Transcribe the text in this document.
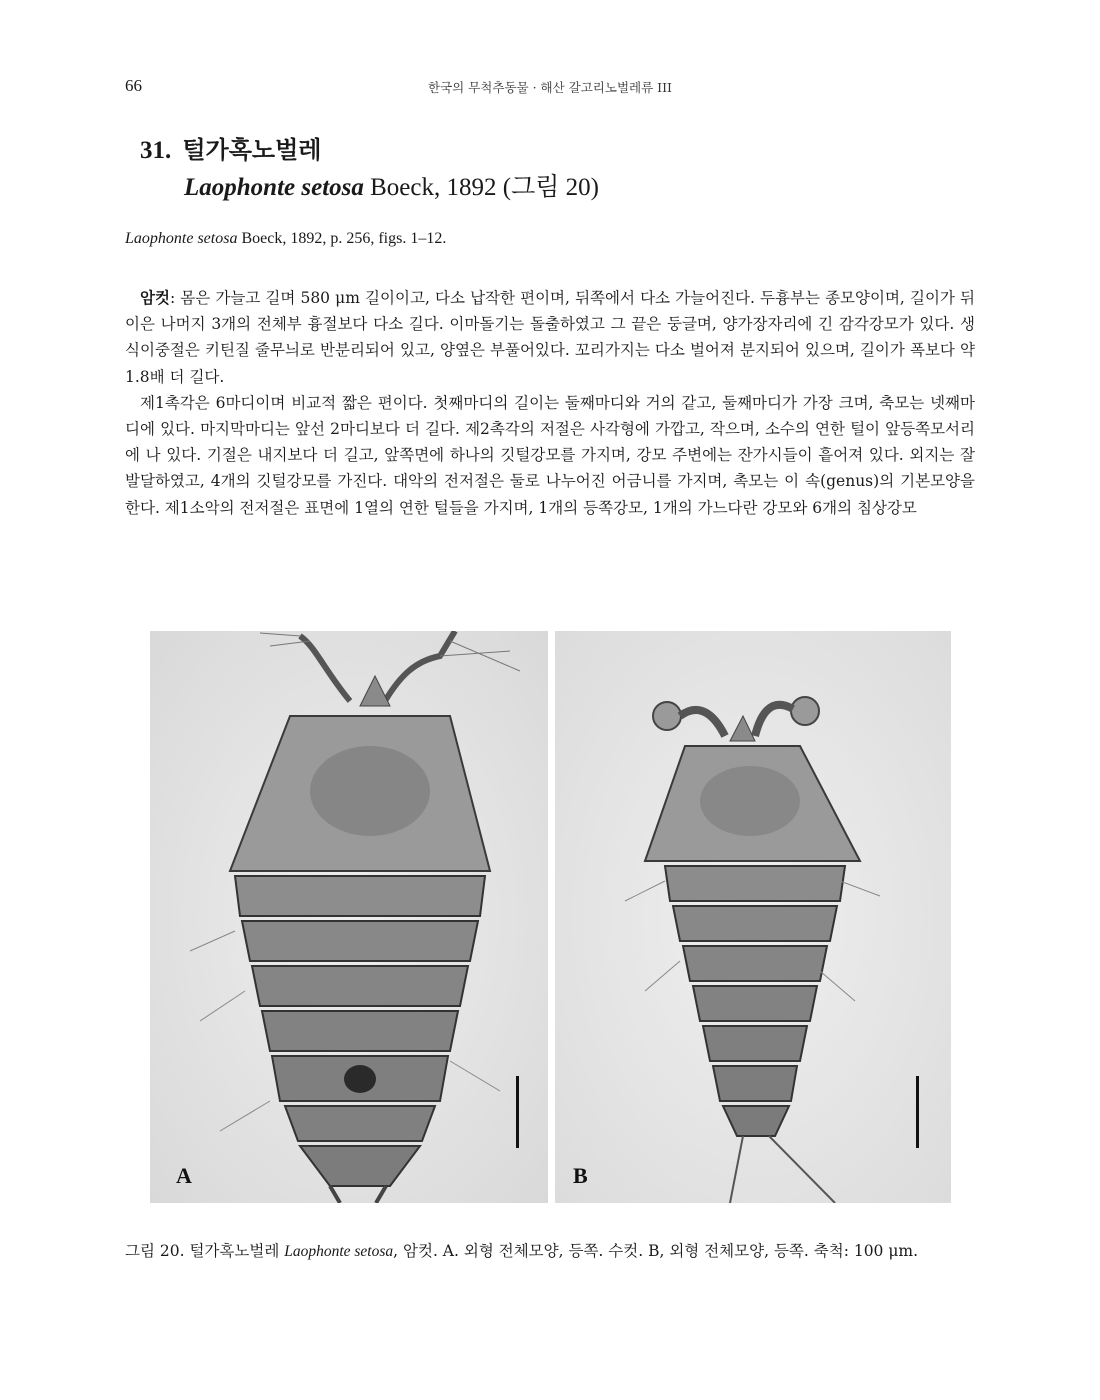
66	한국의 무척추동물 · 해산 갈고리노벌레류 III
31. 털가혹노벌레
Laophonte setosa Boeck, 1892 (그림 20)
Laophonte setosa Boeck, 1892, p. 256, figs. 1–12.

암컷: 몸은 가늘고 길며 580 μm 길이이고, 다소 납작한 편이며, 뒤쪽에서 다소 가늘어진다. 두흉부는 종모양이며, 길이가 뒤이은 나머지 3개의 전체부 흉절보다 다소 길다. 이마돌기는 돌출하였고 그 끝은 둥글며, 양가장자리에 긴 감각강모가 있다. 생식이중절은 키틴질 줄무늬로 반분리되어 있고, 양옆은 부풀어있다. 꼬리가지는 다소 벌어져 분지되어 있으며, 길이가 폭보다 약 1.8배 더 길다.

제1촉각은 6마디이며 비교적 짧은 편이다. 첫째마디의 길이는 둘째마디와 거의 같고, 둘째마디가 가장 크며, 축모는 넷째마디에 있다. 마지막마디는 앞선 2마디보다 더 길다. 제2촉각의 저절은 사각형에 가깝고, 작으며, 소수의 연한 털이 앞등쪽모서리에 나 있다. 기절은 내지보다 더 길고, 앞쪽면에 하나의 깃털강모를 가지며, 강모 주변에는 잔가시들이 흩어져 있다. 외지는 잘 발달하였고, 4개의 깃털강모를 가진다. 대악의 전저절은 둘로 나누어진 어금니를 가지며, 촉모는 이 속(genus)의 기본모양을 한다. 제1소악의 전저절은 표면에 1열의 연한 털들을 가지며, 1개의 등쪽강모, 1개의 가느다란 강모와 6개의 침상강모

A	B
그림 20. 털가혹노벌레 Laophonte setosa, 암컷. A. 외형 전체모양, 등쪽. 수컷. B, 외형 전체모양, 등쪽. 축척: 100 μm.
